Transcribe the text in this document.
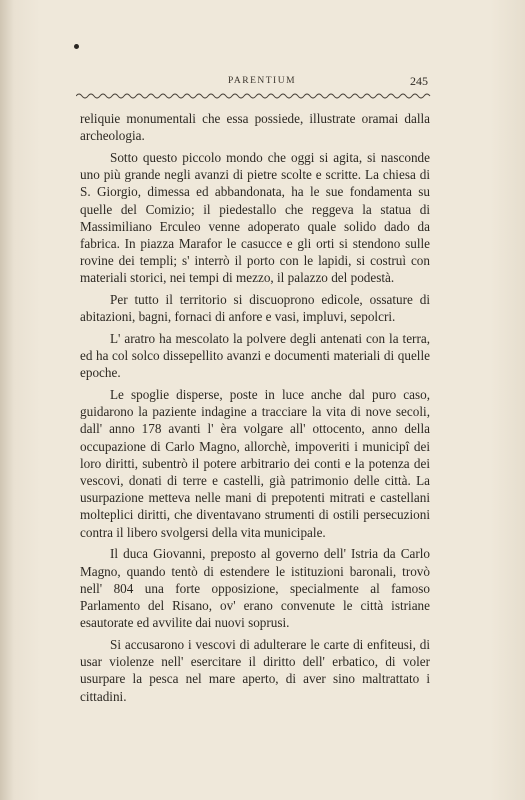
PARENTIUM	245

reliquie monumentali che essa possiede, illustrate oramai dalla archeologia.

Sotto questo piccolo mondo che oggi si agita, si nasconde uno più grande negli avanzi di pietre scolte e scritte. La chiesa di S. Giorgio, dimessa ed abbandonata, ha le sue fondamenta su quelle del Comizio; il piedestallo che reggeva la statua di Massimiliano Erculeo venne adoperato quale solido dado da fabrica. In piazza Marafor le casucce e gli orti si stendono sulle rovine dei templi; s' interrò il porto con le lapidi, si costruì con materiali storici, nei tempi di mezzo, il palazzo del podestà.

Per tutto il territorio si discuoprono edicole, ossature di abitazioni, bagni, fornaci di anfore e vasi, impluvi, sepolcri.

L' aratro ha mescolato la polvere degli antenati con la terra, ed ha col solco dissepellito avanzi e documenti materiali di quelle epoche.

Le spoglie disperse, poste in luce anche dal puro caso, guidarono la paziente indagine a tracciare la vita di nove secoli, dall' anno 178 avanti l' èra volgare all' ottocento, anno della occupazione di Carlo Magno, allorchè, impoveriti i municipî dei loro diritti, subentrò il potere arbitrario dei conti e la potenza dei vescovi, donati di terre e castelli, già patrimonio delle città. La usurpazione metteva nelle mani di prepotenti mitrati e castellani molteplici diritti, che diventavano strumenti di ostili persecuzioni contra il libero svolgersi della vita municipale.

Il duca Giovanni, preposto al governo dell' Istria da Carlo Magno, quando tentò di estendere le istituzioni baronali, trovò nell' 804 una forte opposizione, specialmente al famoso Parlamento del Risano, ov' erano convenute le città istriane esautorate ed avvilite dai nuovi soprusi.

Si accusarono i vescovi di adulterare le carte di enfiteusi, di usar violenze nell' esercitare il diritto dell' erbatico, di voler usurpare la pesca nel mare aperto, di aver sino maltrattato i cittadini.
